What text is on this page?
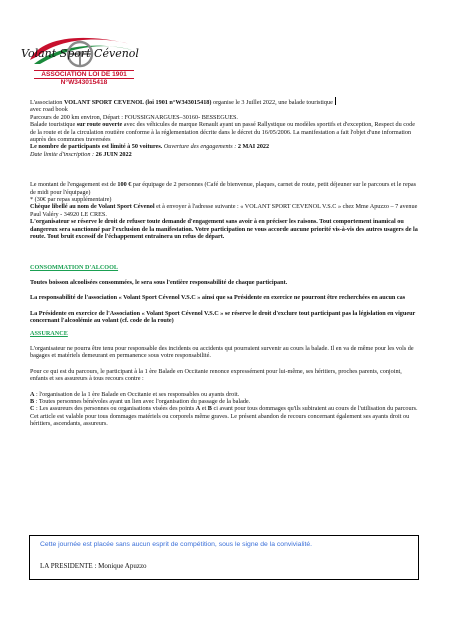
Volant Sport Cévenol
ASSOCIATION LOI DE 1901
N°W343015418

L'association VOLANT SPORT CEVENOL (loi 1901 n°W343015418) organise le 3 Juillet 2022, une balade touristique
avec road book
Parcours de 200 km environ, Départ : FOUSSIGNARGUES–30160- BESSEGUES.
Balade touristique sur route ouverte avec des véhicules de marque Renault ayant un passé Rallystique ou modèles sportifs et d'exception, Respect du code de la route et de la circulation routière conforme à la réglementation décrite dans le décret du 16/05/2006. La manifestation a fait l'objet d'une information auprès des communes traversées
Le nombre de participants est limité à 50 voitures. Ouverture des engagements : 2 MAI 2022
Date limite d'inscription : 26 JUIN 2022

Le montant de l'engagement est de 100 € par équipage de 2 personnes (Café de bienvenue, plaques, carnet de route, petit déjeuner sur le parcours et le repas de midi pour l'équipage)
* (30€ par repas supplémentaire)
Chèque libellé au nom de Volant Sport Cévenol et à envoyer à l'adresse suivante : « VOLANT SPORT CEVENOL V.S.C » chez Mme Apuzzo – 7 avenue Paul Valéry - 34920 LE CRES.
L'organisateur se réserve le droit de refuser toute demande d'engagement sans avoir à en préciser les raisons. Tout comportement inamical ou dangereux sera sanctionné par l'exclusion de la manifestation. Votre participation ne vous accorde aucune priorité vis-à-vis des autres usagers de la route. Tout bruit excessif de l'échappement entrainera un refus de départ.

CONSOMMATION D'ALCOOL

Toutes boisson alcoolisées consommées, le sera sous l'entière responsabilité de chaque participant.

La responsabilité de l'association « Volant Sport Cévenol V.S.C » ainsi que sa Présidente en exercice ne pourront être recherchées en aucun cas

La Présidente en exercice de l'Association « Volant Sport Cévenol V.S.C » se réserve le droit d'exclure tout participant pas la législation en vigueur concernant l'alcoolémie au volant (cf. code de la route)

ASSURANCE

L'organisateur ne pourra être tenu pour responsable des incidents ou accidents qui pourraient survenir au cours la balade. Il en va de même pour les vols de bagages et matériels demeurant en permanence sous votre responsabilité.

Pour ce qui est du parcours, le participant à la 1 ère Balade en Occitanie renonce expressément pour lui-même, ses héritiers, proches parents, conjoint, enfants et ses assureurs à tous recours contre :

A : l'organisation de la 1 ère Balade en Occitanie et ses responsables ou ayants droit.
B : Toutes personnes bénévoles ayant un lien avec l'organisation du passage de la balade.
C : Les assureurs des personnes ou organisations visées des points A et B ci avant pour tous dommages qu'ils subiraient au cours de l'utilisation du parcours. Cet article est valable pour tous dommages matériels ou corporels même graves. Le présent abandon de recours concernant également ses ayants droit ou héritiers, ascendants, assureurs.

Cette journée est placée sans aucun esprit de compétition, sous le signe de la convivialité.
LA PRESIDENTE : Monique Apuzzo
